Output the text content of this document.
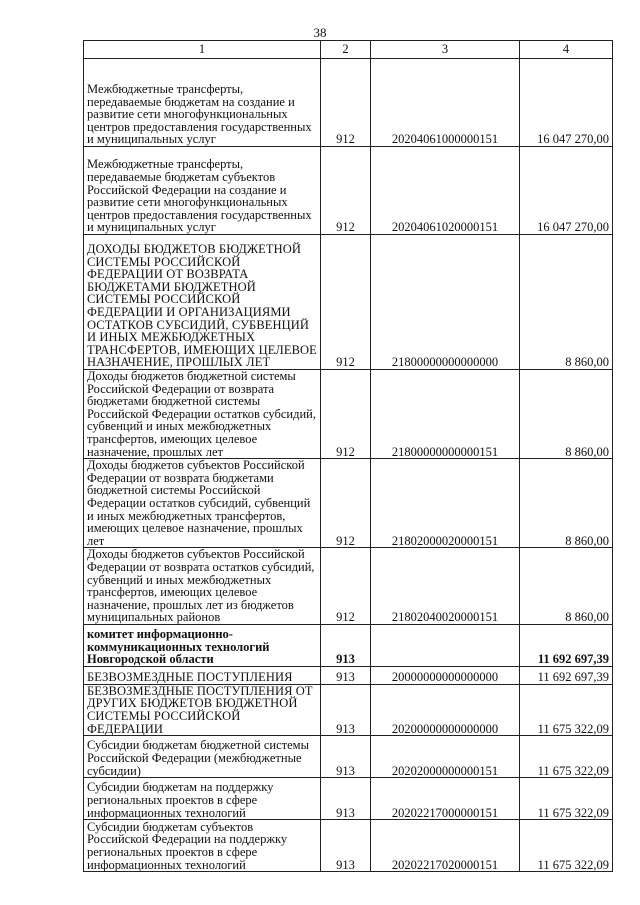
38
1	2	3	4
Межбюджетные трансферты, передаваемые бюджетам на создание и развитие сети многофункциональных центров предоставления государственных и муниципальных услуг	912	20204061000000151	16 047 270,00
Межбюджетные трансферты, передаваемые бюджетам субъектов Российской Федерации на создание и развитие сети многофункциональных центров предоставления государственных и муниципальных услуг	912	20204061020000151	16 047 270,00
ДОХОДЫ БЮДЖЕТОВ БЮДЖЕТНОЙ СИСТЕМЫ РОССИЙСКОЙ ФЕДЕРАЦИИ ОТ ВОЗВРАТА БЮДЖЕТАМИ БЮДЖЕТНОЙ СИСТЕМЫ РОССИЙСКОЙ ФЕДЕРАЦИИ И ОРГАНИЗАЦИЯМИ ОСТАТКОВ СУБСИДИЙ, СУБВЕНЦИЙ И ИНЫХ МЕЖБЮДЖЕТНЫХ ТРАНСФЕРТОВ, ИМЕЮЩИХ ЦЕЛЕВОЕ НАЗНАЧЕНИЕ, ПРОШЛЫХ ЛЕТ	912	21800000000000000	8 860,00
Доходы бюджетов бюджетной системы Российской Федерации от возврата бюджетами бюджетной системы Российской Федерации остатков субсидий, субвенций и иных межбюджетных трансфертов, имеющих целевое назначение, прошлых лет	912	21800000000000151	8 860,00
Доходы бюджетов субъектов Российской Федерации от возврата бюджетами бюджетной системы Российской Федерации остатков субсидий, субвенций и иных межбюджетных трансфертов, имеющих целевое назначение, прошлых лет	912	21802000020000151	8 860,00
Доходы бюджетов субъектов Российской Федерации от возврата остатков субсидий, субвенций и иных межбюджетных трансфертов, имеющих целевое назначение, прошлых лет из бюджетов муниципальных районов	912	21802040020000151	8 860,00
комитет информационно-коммуникационных технологий Новгородской области	913		11 692 697,39
БЕЗВОЗМЕЗДНЫЕ ПОСТУПЛЕНИЯ	913	20000000000000000	11 692 697,39
БЕЗВОЗМЕЗДНЫЕ ПОСТУПЛЕНИЯ ОТ ДРУГИХ БЮДЖЕТОВ БЮДЖЕТНОЙ СИСТЕМЫ РОССИЙСКОЙ ФЕДЕРАЦИИ	913	20200000000000000	11 675 322,09
Субсидии бюджетам бюджетной системы Российской Федерации (межбюджетные субсидии)	913	20202000000000151	11 675 322,09
Субсидии бюджетам на поддержку региональных проектов в сфере информационных технологий	913	20202217000000151	11 675 322,09
Субсидии бюджетам субъектов Российской Федерации на поддержку региональных проектов в сфере информационных технологий	913	20202217020000151	11 675 322,09
